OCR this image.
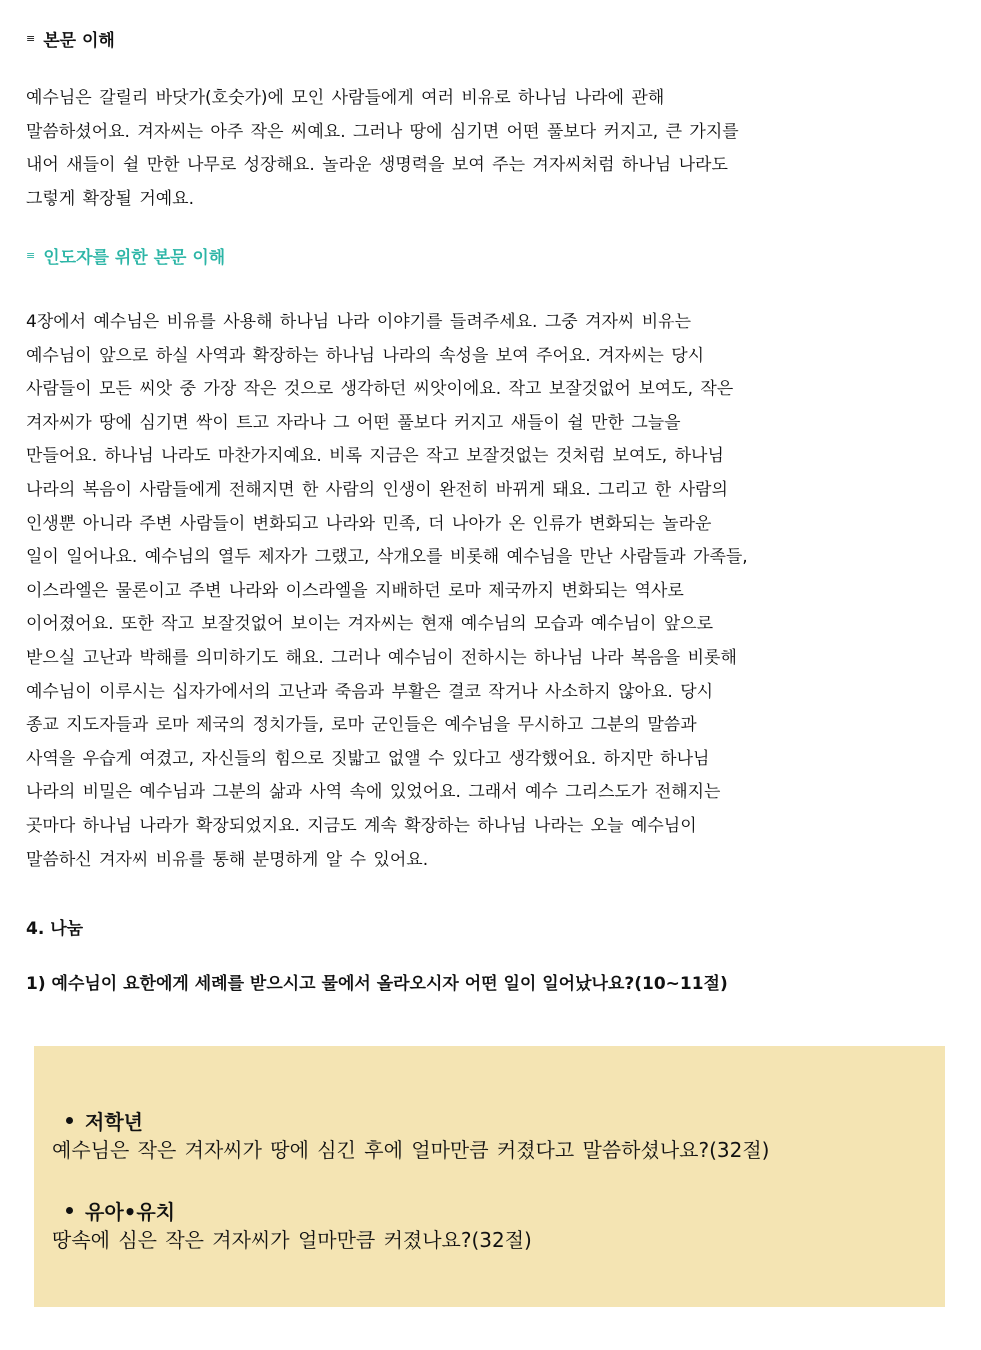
≡ 본문 이해
예수님은 갈릴리 바닷가(호숫가)에 모인 사람들에게 여러 비유로 하나님 나라에 관해
말씀하셨어요. 겨자씨는 아주 작은 씨예요. 그러나 땅에 심기면 어떤 풀보다 커지고, 큰 가지를
내어 새들이 쉴 만한 나무로 성장해요. 놀라운 생명력을 보여 주는 겨자씨처럼 하나님 나라도
그렇게 확장될 거예요.
≡ 인도자를 위한 본문 이해
4장에서 예수님은 비유를 사용해 하나님 나라 이야기를 들려주세요. 그중 겨자씨 비유는
예수님이 앞으로 하실 사역과 확장하는 하나님 나라의 속성을 보여 주어요. 겨자씨는 당시
사람들이 모든 씨앗 중 가장 작은 것으로 생각하던 씨앗이에요. 작고 보잘것없어 보여도, 작은
겨자씨가 땅에 심기면 싹이 트고 자라나 그 어떤 풀보다 커지고 새들이 쉴 만한 그늘을
만들어요. 하나님 나라도 마찬가지예요. 비록 지금은 작고 보잘것없는 것처럼 보여도, 하나님
나라의 복음이 사람들에게 전해지면 한 사람의 인생이 완전히 바뀌게 돼요. 그리고 한 사람의
인생뿐 아니라 주변 사람들이 변화되고 나라와 민족, 더 나아가 온 인류가 변화되는 놀라운
일이 일어나요. 예수님의 열두 제자가 그랬고, 삭개오를 비롯해 예수님을 만난 사람들과 가족들,
이스라엘은 물론이고 주변 나라와 이스라엘을 지배하던 로마 제국까지 변화되는 역사로
이어졌어요. 또한 작고 보잘것없어 보이는 겨자씨는 현재 예수님의 모습과 예수님이 앞으로
받으실 고난과 박해를 의미하기도 해요. 그러나 예수님이 전하시는 하나님 나라 복음을 비롯해
예수님이 이루시는 십자가에서의 고난과 죽음과 부활은 결코 작거나 사소하지 않아요. 당시
종교 지도자들과 로마 제국의 정치가들, 로마 군인들은 예수님을 무시하고 그분의 말씀과
사역을 우습게 여겼고, 자신들의 힘으로 짓밟고 없앨 수 있다고 생각했어요. 하지만 하나님
나라의 비밀은 예수님과 그분의 삶과 사역 속에 있었어요. 그래서 예수 그리스도가 전해지는
곳마다 하나님 나라가 확장되었지요. 지금도 계속 확장하는 하나님 나라는 오늘 예수님이
말씀하신 겨자씨 비유를 통해 분명하게 알 수 있어요.
4. 나눔
1) 예수님이 요한에게 세례를 받으시고 물에서 올라오시자 어떤 일이 일어났나요?(10~11절)
저학년
예수님은 작은 겨자씨가 땅에 심긴 후에 얼마만큼 커졌다고 말씀하셨나요?(32절)
유아•유치
땅속에 심은 작은 겨자씨가 얼마만큼 커졌나요?(32절)
